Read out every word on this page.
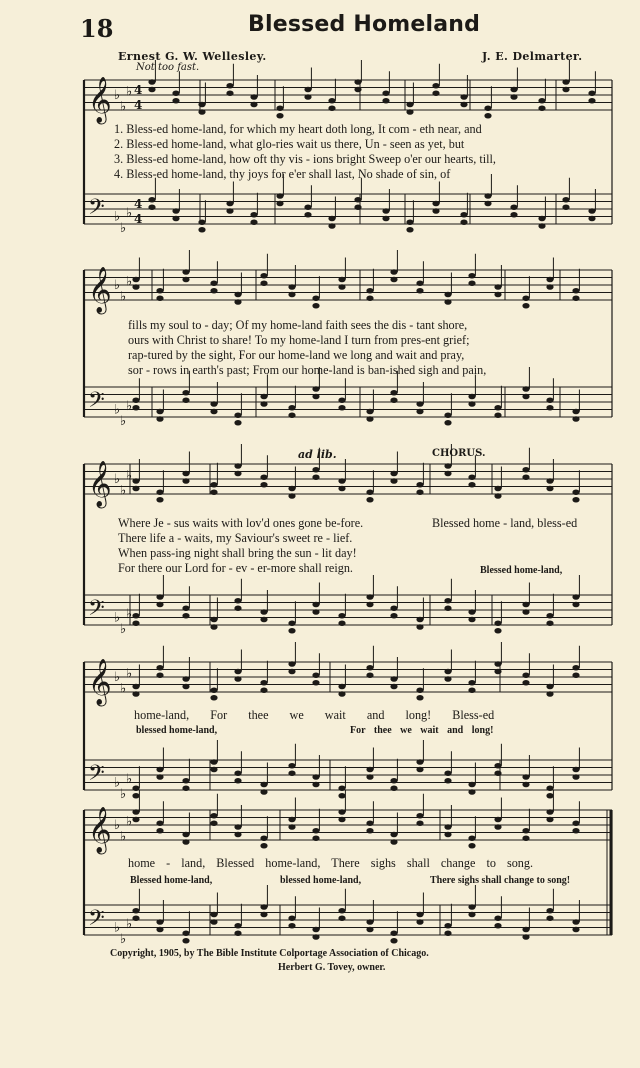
18	Blessed Homeland
Ernest G. W. Wellesley.	J. E. Delmarter.
Not too fast.
𝄞 ♭
♭
♭ 4
4
𝄢 ♭
♭
♭
4
4
𝄞 ♭
♭
♭
𝄢 ♭
♭
♭
𝄞 ♭
♭
♭
𝄢 ♭
♭
♭
𝄞 ♭
♭
♭
𝄢 ♭
♭
♭
𝄞 ♭
♭
♭
𝄢 ♭
♭
♭
1. Bless-ed home-land, for which my heart doth long, It com - eth near, and
2. Bless-ed home-land, what glo-ries wait us there, Un - seen as yet, but
3. Bless-ed home-land, how oft thy vis - ions bright Sweep o'er our hearts, till,
4. Bless-ed home-land, thy joys for e'er shall last, No shade of sin, of
fills my soul to - day; Of my home-land faith sees the dis - tant shore,
ours with Christ to share! To my home-land I turn from pres-ent grief;
rap-tured by the sight, For our home-land we long and wait and pray,
sor - rows in earth's past; From our home-land is ban-ished sigh and pain,
ad lib.	CHORUS.
Where Je - sus waits with lov'd ones gone be-fore.
There life a - waits, my Saviour's sweet re - lief.
When pass-ing night shall bring the sun - lit day!
For there our Lord for - ev - er-more shall reign.
Blessed home - land, bless-ed
Blessed home-land,
home-land, For thee we wait and long! Bless-ed
blessed home-land,	For thee we wait and long!
home - land, Blessed home-land, There sighs shall change to song.
Blessed home-land,	blessed home-land,	There sighs shall change to song!
Copyright, 1905, by The Bible Institute Colportage Association of Chicago.
Herbert G. Tovey, owner.
